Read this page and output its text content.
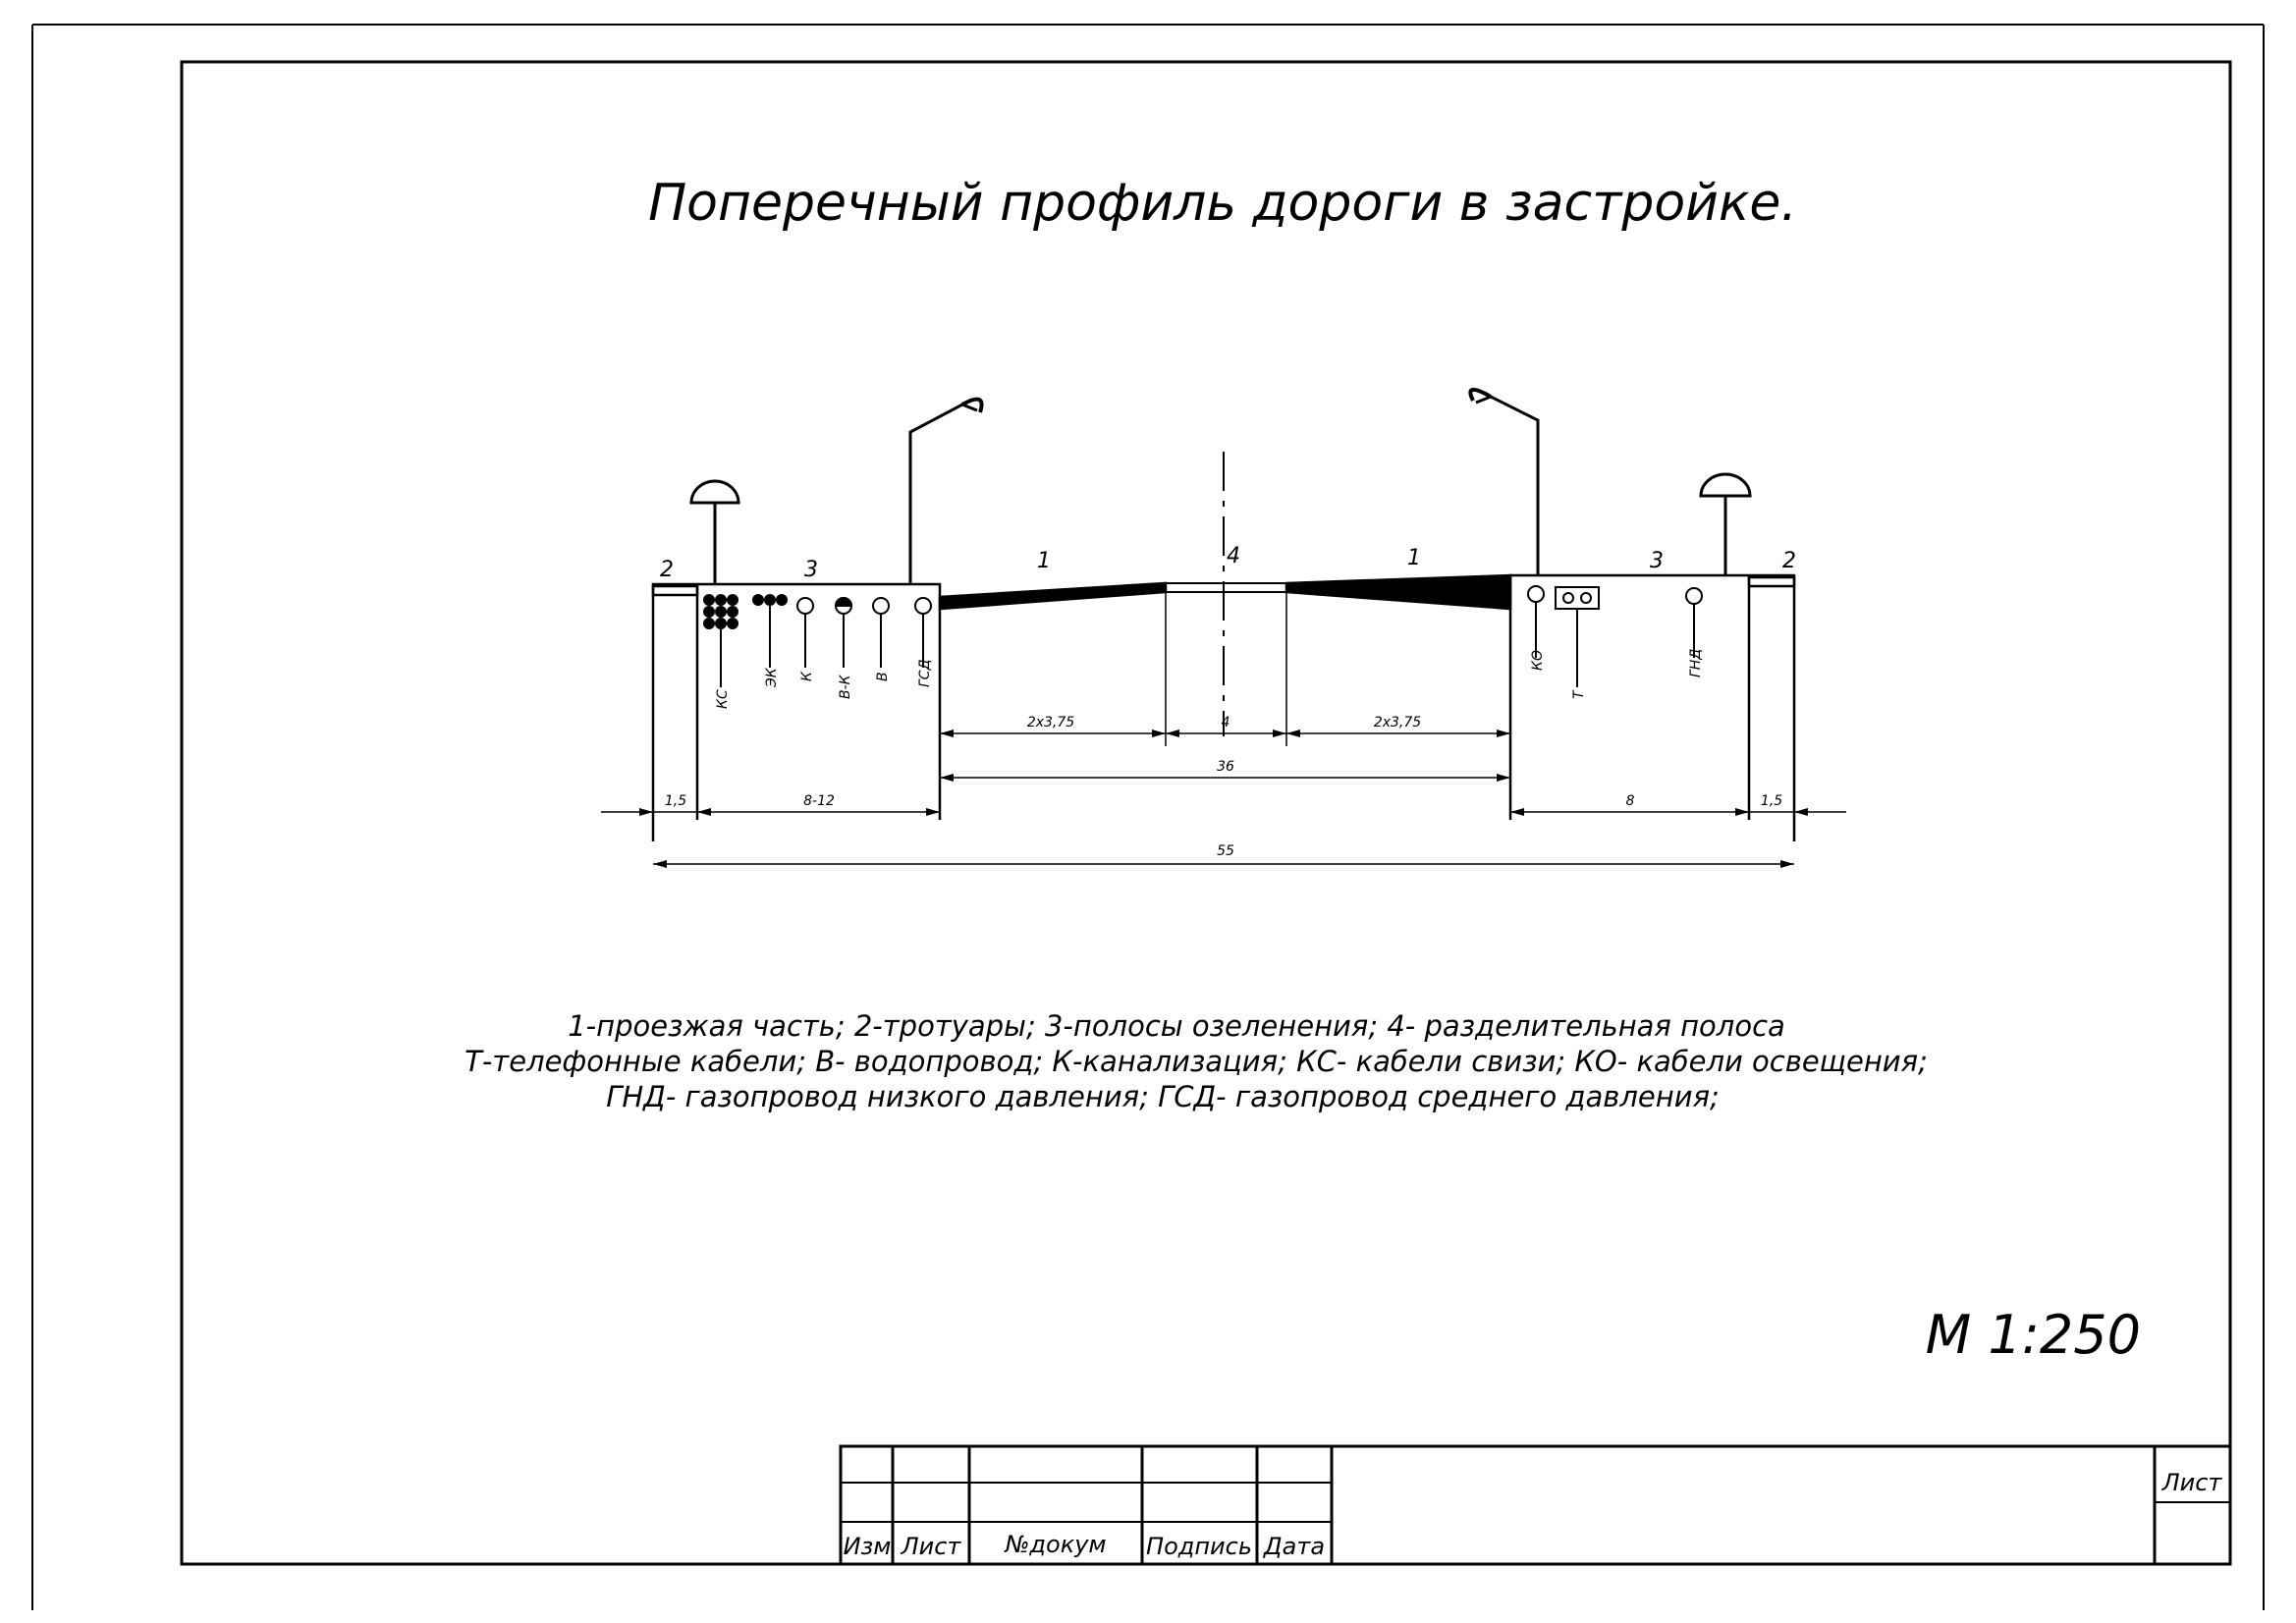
Поперечный профиль дороги в застройке.
2	3	1	4	1	3	2
КС
ЭК К В-К В ГСД	КО
Т
ГНД
2x3,75	4	2x3,75
36
1,5	8-12	8	1,5
55
1-проезжая часть; 2-тротуары; 3-полосы озеленения; 4- разделительная полоса
Т-телефонные кабели; В- водопровод; К-канализация; КС- кабели свизи; КО- кабели освещения;
ГНД- газопровод низкого давления; ГСД- газопровод среднего давления;
М 1:250
Изм Лист №докум Подпись Дата
Лист
